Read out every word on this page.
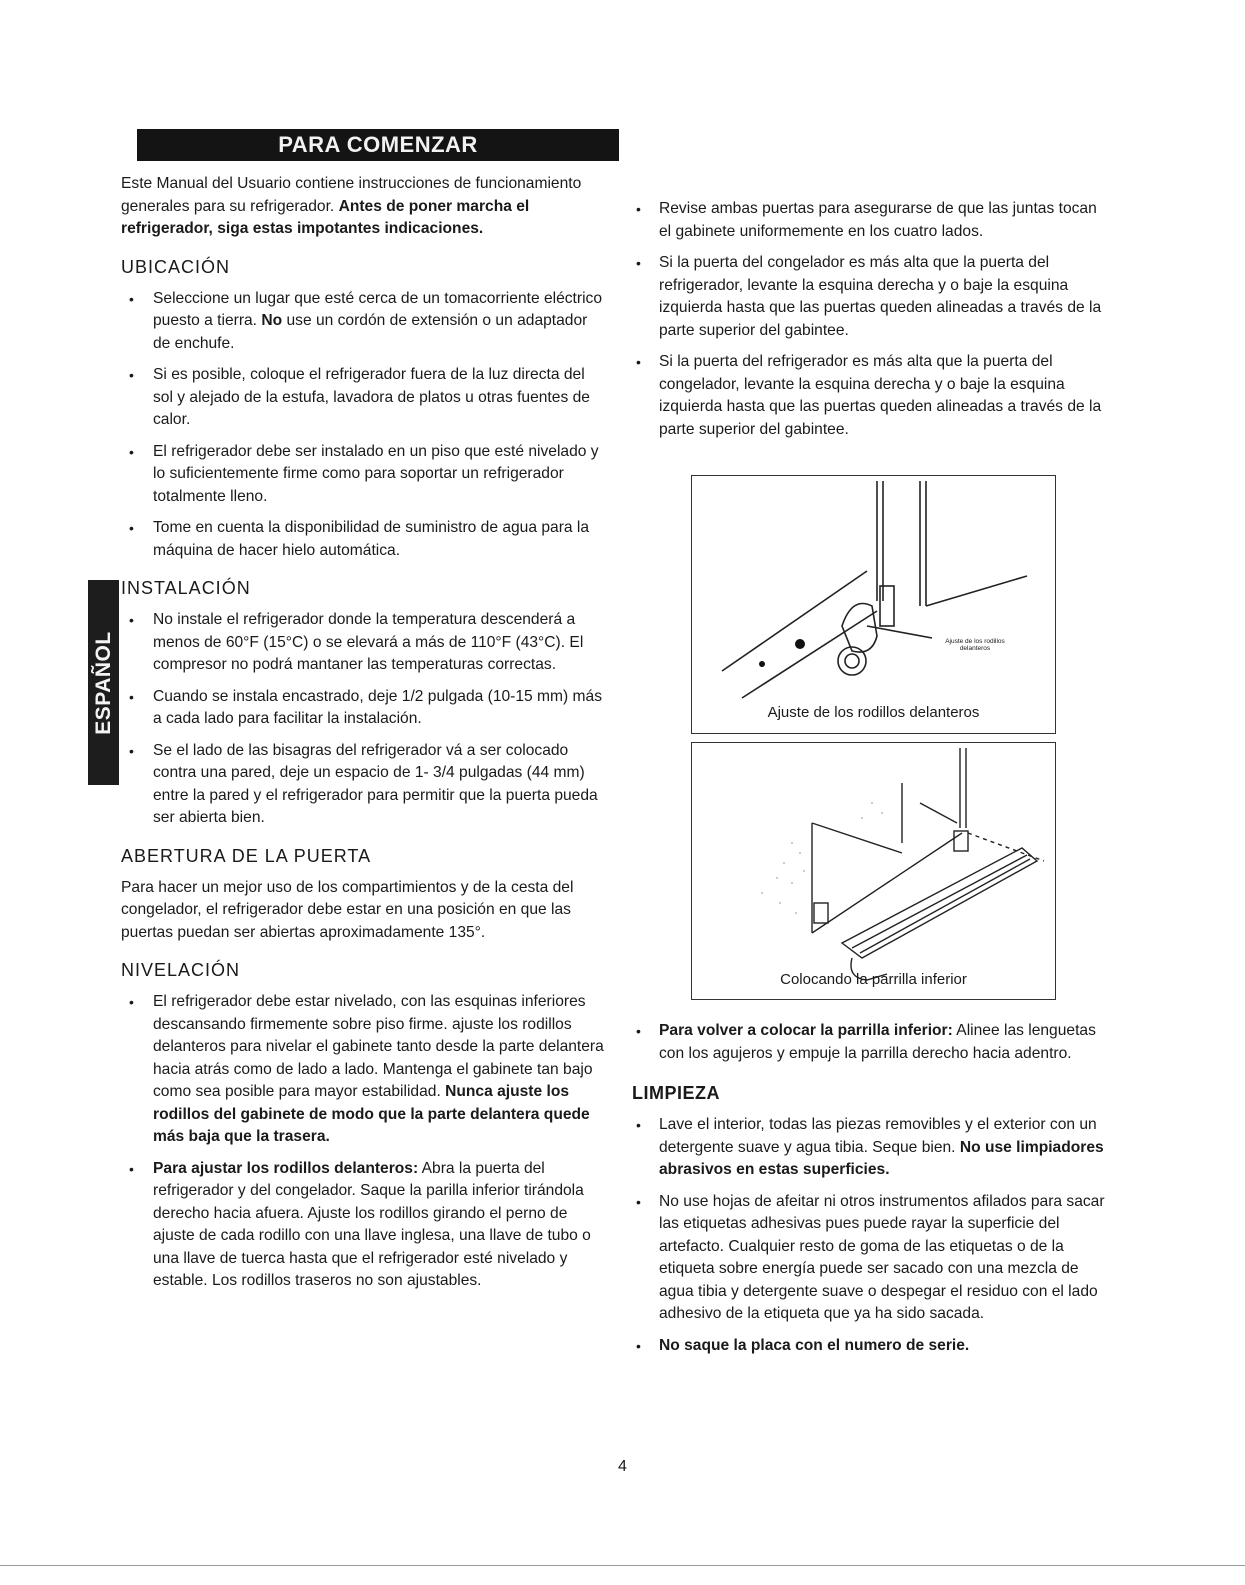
PARA COMENZAR
ESPAÑOL

Este Manual del Usuario contiene instrucciones de funcionamiento generales para su refrigerador. Antes de poner marcha el refrigerador, siga estas impotantes indicaciones.

UBICACIÓN
• Seleccione un lugar que esté cerca de un tomacorriente eléctrico puesto a tierra. No use un cordón de extensión o un adaptador de enchufe.
• Si es posible, coloque el refrigerador fuera de la luz directa del sol y alejado de la estufa, lavadora de platos u otras fuentes de calor.
• El refrigerador debe ser instalado en un piso que esté nivelado y lo suficientemente firme como para soportar un refrigerador totalmente lleno.
• Tome en cuenta la disponibilidad de suministro de agua para la máquina de hacer hielo automática.
INSTALACIÓN
• No instale el refrigerador donde la temperatura descenderá a menos de 60°F (15°C) o se elevará a más de 110°F (43°C). El compresor no podrá mantaner las temperaturas correctas.
• Cuando se instala encastrado, deje 1/2 pulgada (10-15 mm) más a cada lado para facilitar la instalación.
• Se el lado de las bisagras del refrigerador vá a ser colocado contra una pared, deje un espacio de 1- 3/4 pulgadas (44 mm) entre la pared y el refrigerador para permitir que la puerta pueda ser abierta bien.
ABERTURA DE LA PUERTA

Para hacer un mejor uso de los compartimientos y de la cesta del congelador, el refrigerador debe estar en una posición en que las puertas puedan ser abiertas aproximadamente 135°.

NIVELACIÓN
• El refrigerador debe estar nivelado, con las esquinas inferiores descansando firmemente sobre piso firme. ajuste los rodillos delanteros para nivelar el gabinete tanto desde la parte delantera hacia atrás como de lado a lado. Mantenga el gabinete tan bajo como sea posible para mayor estabilidad. Nunca ajuste los rodillos del gabinete de modo que la parte delantera quede más baja que la trasera.
• Para ajustar los rodillos delanteros: Abra la puerta del refrigerador y del congelador. Saque la parilla inferior tirándola derecho hacia afuera. Ajuste los rodillos girando el perno de ajuste de cada rodillo con una llave inglesa, una llave de tubo o una llave de tuerca hasta que el refrigerador esté nivelado y estable. Los rodillos traseros no son ajustables.
• Revise ambas puertas para asegurarse de que las juntas tocan el gabinete uniformemente en los cuatro lados.
• Si la puerta del congelador es más alta que la puerta del refrigerador, levante la esquina derecha y o baje la esquina izquierda hasta que las puertas queden alineadas a través de la parte superior del gabintee.
• Si la puerta del refrigerador es más alta que la puerta del congelador, levante la esquina derecha y o baje la esquina izquierda hasta que las puertas queden alineadas a través de la parte superior del gabintee.
Ajuste de los rodillos
delanteros
Ajuste de los rodillos delanteros
Colocando la parrilla inferior
• Para volver a colocar la parrilla inferior: Alinee las lenguetas con los agujeros y empuje la parrilla derecho hacia adentro.
LIMPIEZA
• Lave el interior, todas las piezas removibles y el exterior con un detergente suave y agua tibia. Seque bien. No use limpiadores abrasivos en estas superficies.
• No use hojas de afeitar ni otros instrumentos afilados para sacar las etiquetas adhesivas pues puede rayar la superficie del artefacto. Cualquier resto de goma de las etiquetas o de la etiqueta sobre energía puede ser sacado con una mezcla de agua tibia y detergente suave o despegar el residuo con el lado adhesivo de la etiqueta que ya ha sido sacada.
• No saque la placa con el numero de serie.
4
